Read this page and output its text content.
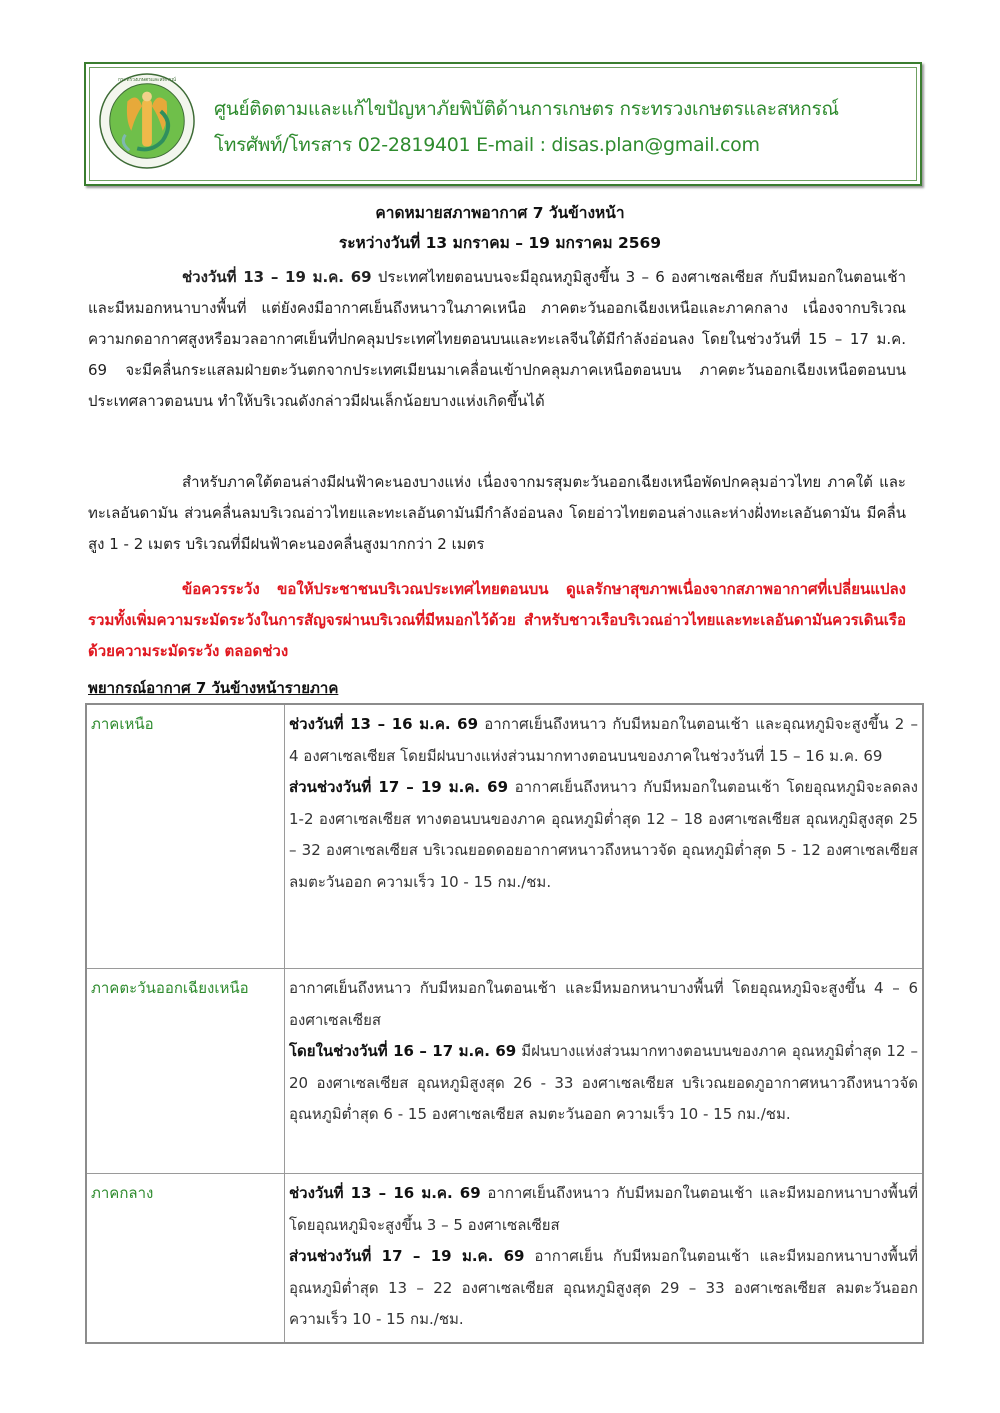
กระทรวงเกษตรและสหกรณ์
ศูนย์ติดตามและแก้ไขปัญหาภัยพิบัติด้านการเกษตร กระทรวงเกษตรและสหกรณ์
โทรศัพท์/โทรสาร 02-2819401 E-mail : disas.plan@gmail.com
คาดหมายสภาพอากาศ 7 วันข้างหน้า
ระหว่างวันที่ 13 มกราคม – 19 มกราคม 2569
ช่วงวันที่ 13 – 19 ม.ค. 69 ประเทศไทยตอนบนจะมีอุณหภูมิสูงขึ้น 3 – 6 องศาเซลเซียส กับมีหมอกในตอนเช้า และมีหมอกหนาบางพื้นที่ แต่ยังคงมีอากาศเย็นถึงหนาวในภาคเหนือ ภาคตะวันออกเฉียงเหนือและภาคกลาง เนื่องจากบริเวณความกดอากาศสูงหรือมวลอากาศเย็นที่ปกคลุมประเทศไทยตอนบนและทะเลจีนใต้มีกำลังอ่อนลง โดยในช่วงวันที่ 15 – 17 ม.ค. 69 จะมีคลื่นกระแสลมฝ่ายตะวันตกจากประเทศเมียนมาเคลื่อนเข้าปกคลุมภาคเหนือตอนบน ภาคตะวันออกเฉียงเหนือตอนบน ประเทศลาวตอนบน ทำให้บริเวณดังกล่าวมีฝนเล็กน้อยบางแห่งเกิดขึ้นได้
สำหรับภาคใต้ตอนล่างมีฝนฟ้าคะนองบางแห่ง เนื่องจากมรสุมตะวันออกเฉียงเหนือพัดปกคลุมอ่าวไทย ภาคใต้ และทะเลอันดามัน ส่วนคลื่นลมบริเวณอ่าวไทยและทะเลอันดามันมีกำลังอ่อนลง โดยอ่าวไทยตอนล่างและห่างฝั่งทะเลอันดามัน มีคลื่นสูง 1 - 2 เมตร บริเวณที่มีฝนฟ้าคะนองคลื่นสูงมากกว่า 2 เมตร
ข้อควรระวัง ขอให้ประชาชนบริเวณประเทศไทยตอนบน ดูแลรักษาสุขภาพเนื่องจากสภาพอากาศที่เปลี่ยนแปลง รวมทั้งเพิ่มความระมัดระวังในการสัญจรผ่านบริเวณที่มีหมอกไว้ด้วย สำหรับชาวเรือบริเวณอ่าวไทยและทะเลอันดามันควรเดินเรือด้วยความระมัดระวัง ตลอดช่วง
พยากรณ์อากาศ 7 วันข้างหน้ารายภาค
ภาคเหนือ	ช่วงวันที่ 13 – 16 ม.ค. 69 อากาศเย็นถึงหนาว กับมีหมอกในตอนเช้า และอุณหภูมิจะสูงขึ้น 2 – 4 องศาเซลเซียส โดยมีฝนบางแห่งส่วนมากทางตอนบนของภาคในช่วงวันที่ 15 – 16 ม.ค. 69
ส่วนช่วงวันที่ 17 – 19 ม.ค. 69 อากาศเย็นถึงหนาว กับมีหมอกในตอนเช้า โดยอุณหภูมิจะลดลง 1-2 องศาเซลเซียส ทางตอนบนของภาค อุณหภูมิต่ำสุด 12 – 18 องศาเซลเซียส อุณหภูมิสูงสุด 25 – 32 องศาเซลเซียส บริเวณยอดดอยอากาศหนาวถึงหนาวจัด อุณหภูมิต่ำสุด 5 - 12 องศาเซลเซียส ลมตะวันออก ความเร็ว 10 - 15 กม./ชม.

ภาคตะวันออกเฉียงเหนือ	อากาศเย็นถึงหนาว กับมีหมอกในตอนเช้า และมีหมอกหนาบางพื้นที่ โดยอุณหภูมิจะสูงขึ้น 4 – 6 องศาเซลเซียส
โดยในช่วงวันที่ 16 – 17 ม.ค. 69 มีฝนบางแห่งส่วนมากทางตอนบนของภาค อุณหภูมิต่ำสุด 12 – 20 องศาเซลเซียส อุณหภูมิสูงสุด 26 - 33 องศาเซลเซียส บริเวณยอดภูอากาศหนาวถึงหนาวจัด อุณหภูมิต่ำสุด 6 - 15 องศาเซลเซียส ลมตะวันออก ความเร็ว 10 - 15 กม./ชม.

ภาคกลาง	ช่วงวันที่ 13 – 16 ม.ค. 69 อากาศเย็นถึงหนาว กับมีหมอกในตอนเช้า และมีหมอกหนาบางพื้นที่ โดยอุณหภูมิจะสูงขึ้น 3 – 5 องศาเซลเซียส
ส่วนช่วงวันที่ 17 – 19 ม.ค. 69 อากาศเย็น กับมีหมอกในตอนเช้า และมีหมอกหนาบางพื้นที่ อุณหภูมิต่ำสุด 13 – 22 องศาเซลเซียส อุณหภูมิสูงสุด 29 – 33 องศาเซลเซียส ลมตะวันออก ความเร็ว 10 - 15 กม./ชม.
